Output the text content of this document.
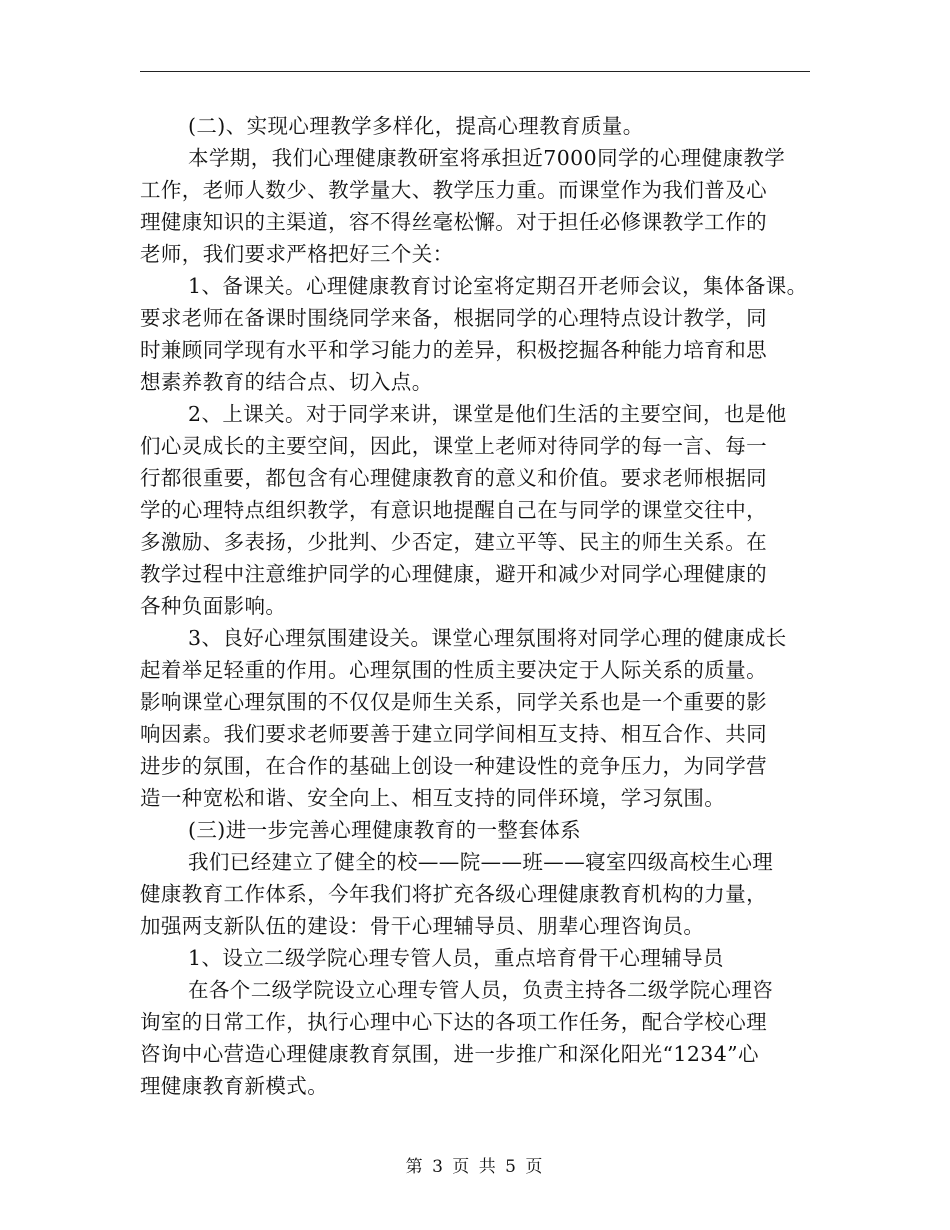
(二)、实现心理教学多样化，提高心理教育质量。
本学期，我们心理健康教研室将承担近7000同学的心理健康教学
工作，老师人数少、教学量大、教学压力重。而课堂作为我们普及心
理健康知识的主渠道，容不得丝毫松懈。对于担任必修课教学工作的
老师，我们要求严格把好三个关：
1、备课关。心理健康教育讨论室将定期召开老师会议，集体备课。
要求老师在备课时围绕同学来备，根据同学的心理特点设计教学，同
时兼顾同学现有水平和学习能力的差异，积极挖掘各种能力培育和思
想素养教育的结合点、切入点。
2、上课关。对于同学来讲，课堂是他们生活的主要空间，也是他
们心灵成长的主要空间，因此，课堂上老师对待同学的每一言、每一
行都很重要，都包含有心理健康教育的意义和价值。要求老师根据同
学的心理特点组织教学，有意识地提醒自己在与同学的课堂交往中，
多激励、多表扬，少批判、少否定，建立平等、民主的师生关系。在
教学过程中注意维护同学的心理健康，避开和减少对同学心理健康的
各种负面影响。
3、良好心理氛围建设关。课堂心理氛围将对同学心理的健康成长
起着举足轻重的作用。心理氛围的性质主要决定于人际关系的质量。
影响课堂心理氛围的不仅仅是师生关系，同学关系也是一个重要的影
响因素。我们要求老师要善于建立同学间相互支持、相互合作、共同
进步的氛围，在合作的基础上创设一种建设性的竞争压力，为同学营
造一种宽松和谐、安全向上、相互支持的同伴环境，学习氛围。
(三)进一步完善心理健康教育的一整套体系
我们已经建立了健全的校——院——班——寝室四级高校生心理
健康教育工作体系，今年我们将扩充各级心理健康教育机构的力量，
加强两支新队伍的建设：骨干心理辅导员、朋辈心理咨询员。
1、设立二级学院心理专管人员，重点培育骨干心理辅导员
在各个二级学院设立心理专管人员，负责主持各二级学院心理咨
询室的日常工作，执行心理中心下达的各项工作任务，配合学校心理
咨询中心营造心理健康教育氛围，进一步推广和深化阳光“1234”心
理健康教育新模式。
第 3 页 共 5 页
